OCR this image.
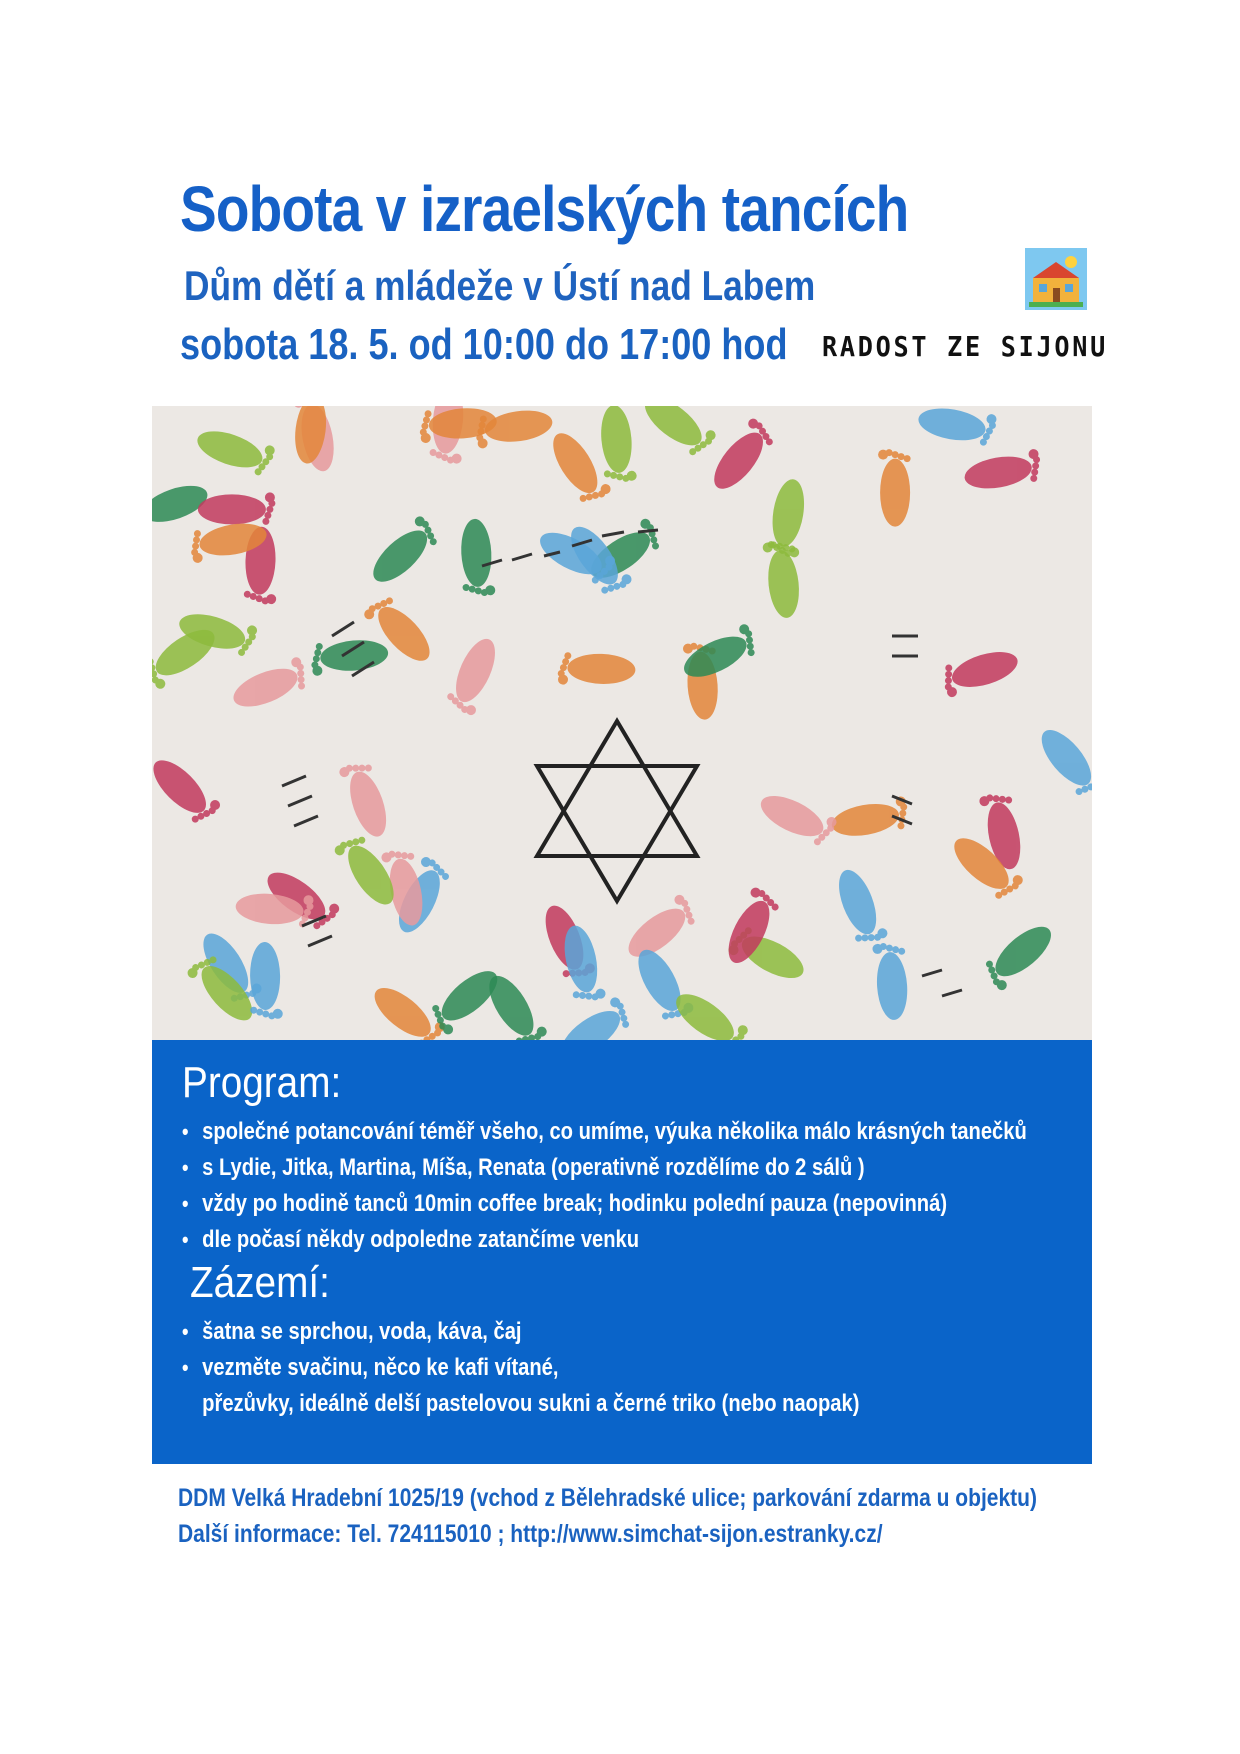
Sobota v izraelských tancích
Dům dětí a mládeže v Ústí nad Labem
sobota 18. 5. od 10:00 do 17:00 hod RADOST ZE SIJONU
Program:
• společné potancování téměř všeho, co umíme, výuka několika málo krásných tanečků
• s Lydie, Jitka, Martina, Míša, Renata (operativně rozdělíme do 2 sálů )
• vždy po hodině tanců 10min coffee break; hodinku polední pauza (nepovinná)
• dle počasí někdy odpoledne zatančíme venku
Zázemí:
• šatna se sprchou, voda, káva, čaj
• vezměte svačinu, něco ke kafi vítané,
přezůvky, ideálně delší pastelovou sukni a černé triko (nebo naopak)
DDM Velká Hradební 1025/19 (vchod z Bělehradské ulice; parkování zdarma u objektu)
Další informace: Tel. 724115010 ; http://www.simchat-sijon.estranky.cz/
